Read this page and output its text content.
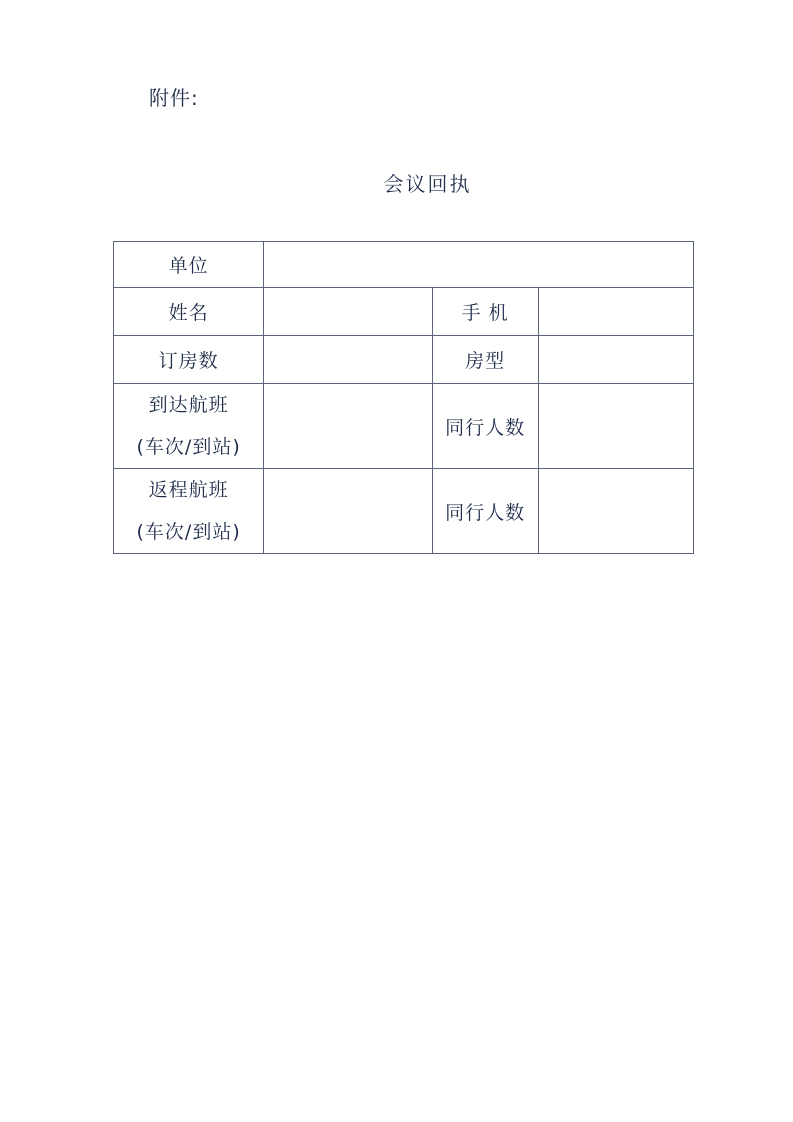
附件:
会议回执
单位			
姓名		手 机	
订房数		房型	

到达航班
(车次/到站)		同行人数	

返程航班
(车次/到站)		同行人数	
